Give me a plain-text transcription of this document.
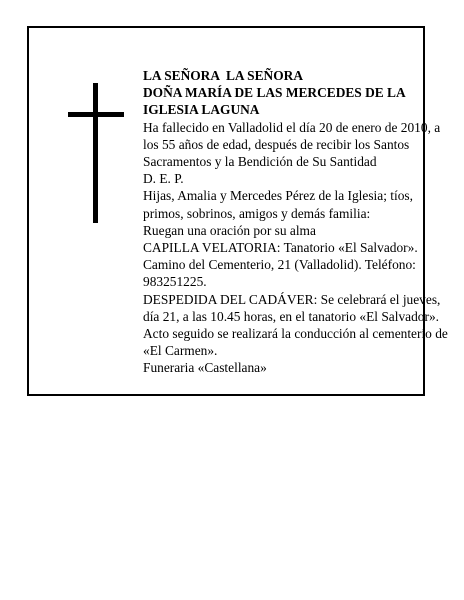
LA SEÑORA  LA SEÑORA

DOÑA MARÍA DE LAS MERCEDES DE LA IGLESIA LAGUNA

Ha fallecido en Valladolid el día 20 de enero de 2010, a los 55 años de edad, después de recibir los Santos Sacramentos y la Bendición de Su Santidad

D. E. P.

Hijas, Amalia y Mercedes Pérez de la Iglesia; tíos, primos, sobrinos, amigos y demás familia:

Ruegan una oración por su alma

CAPILLA VELATORIA: Tanatorio «El Salvador». Camino del Cementerio, 21 (Valladolid). Teléfono: 983251225.

DESPEDIDA DEL CADÁVER: Se celebrará el jueves, día 21, a las 10.45 horas, en el tanatorio «El Salvador». Acto seguido se realizará la conducción al cementerio de «El Carmen».

Funeraria «Castellana»
